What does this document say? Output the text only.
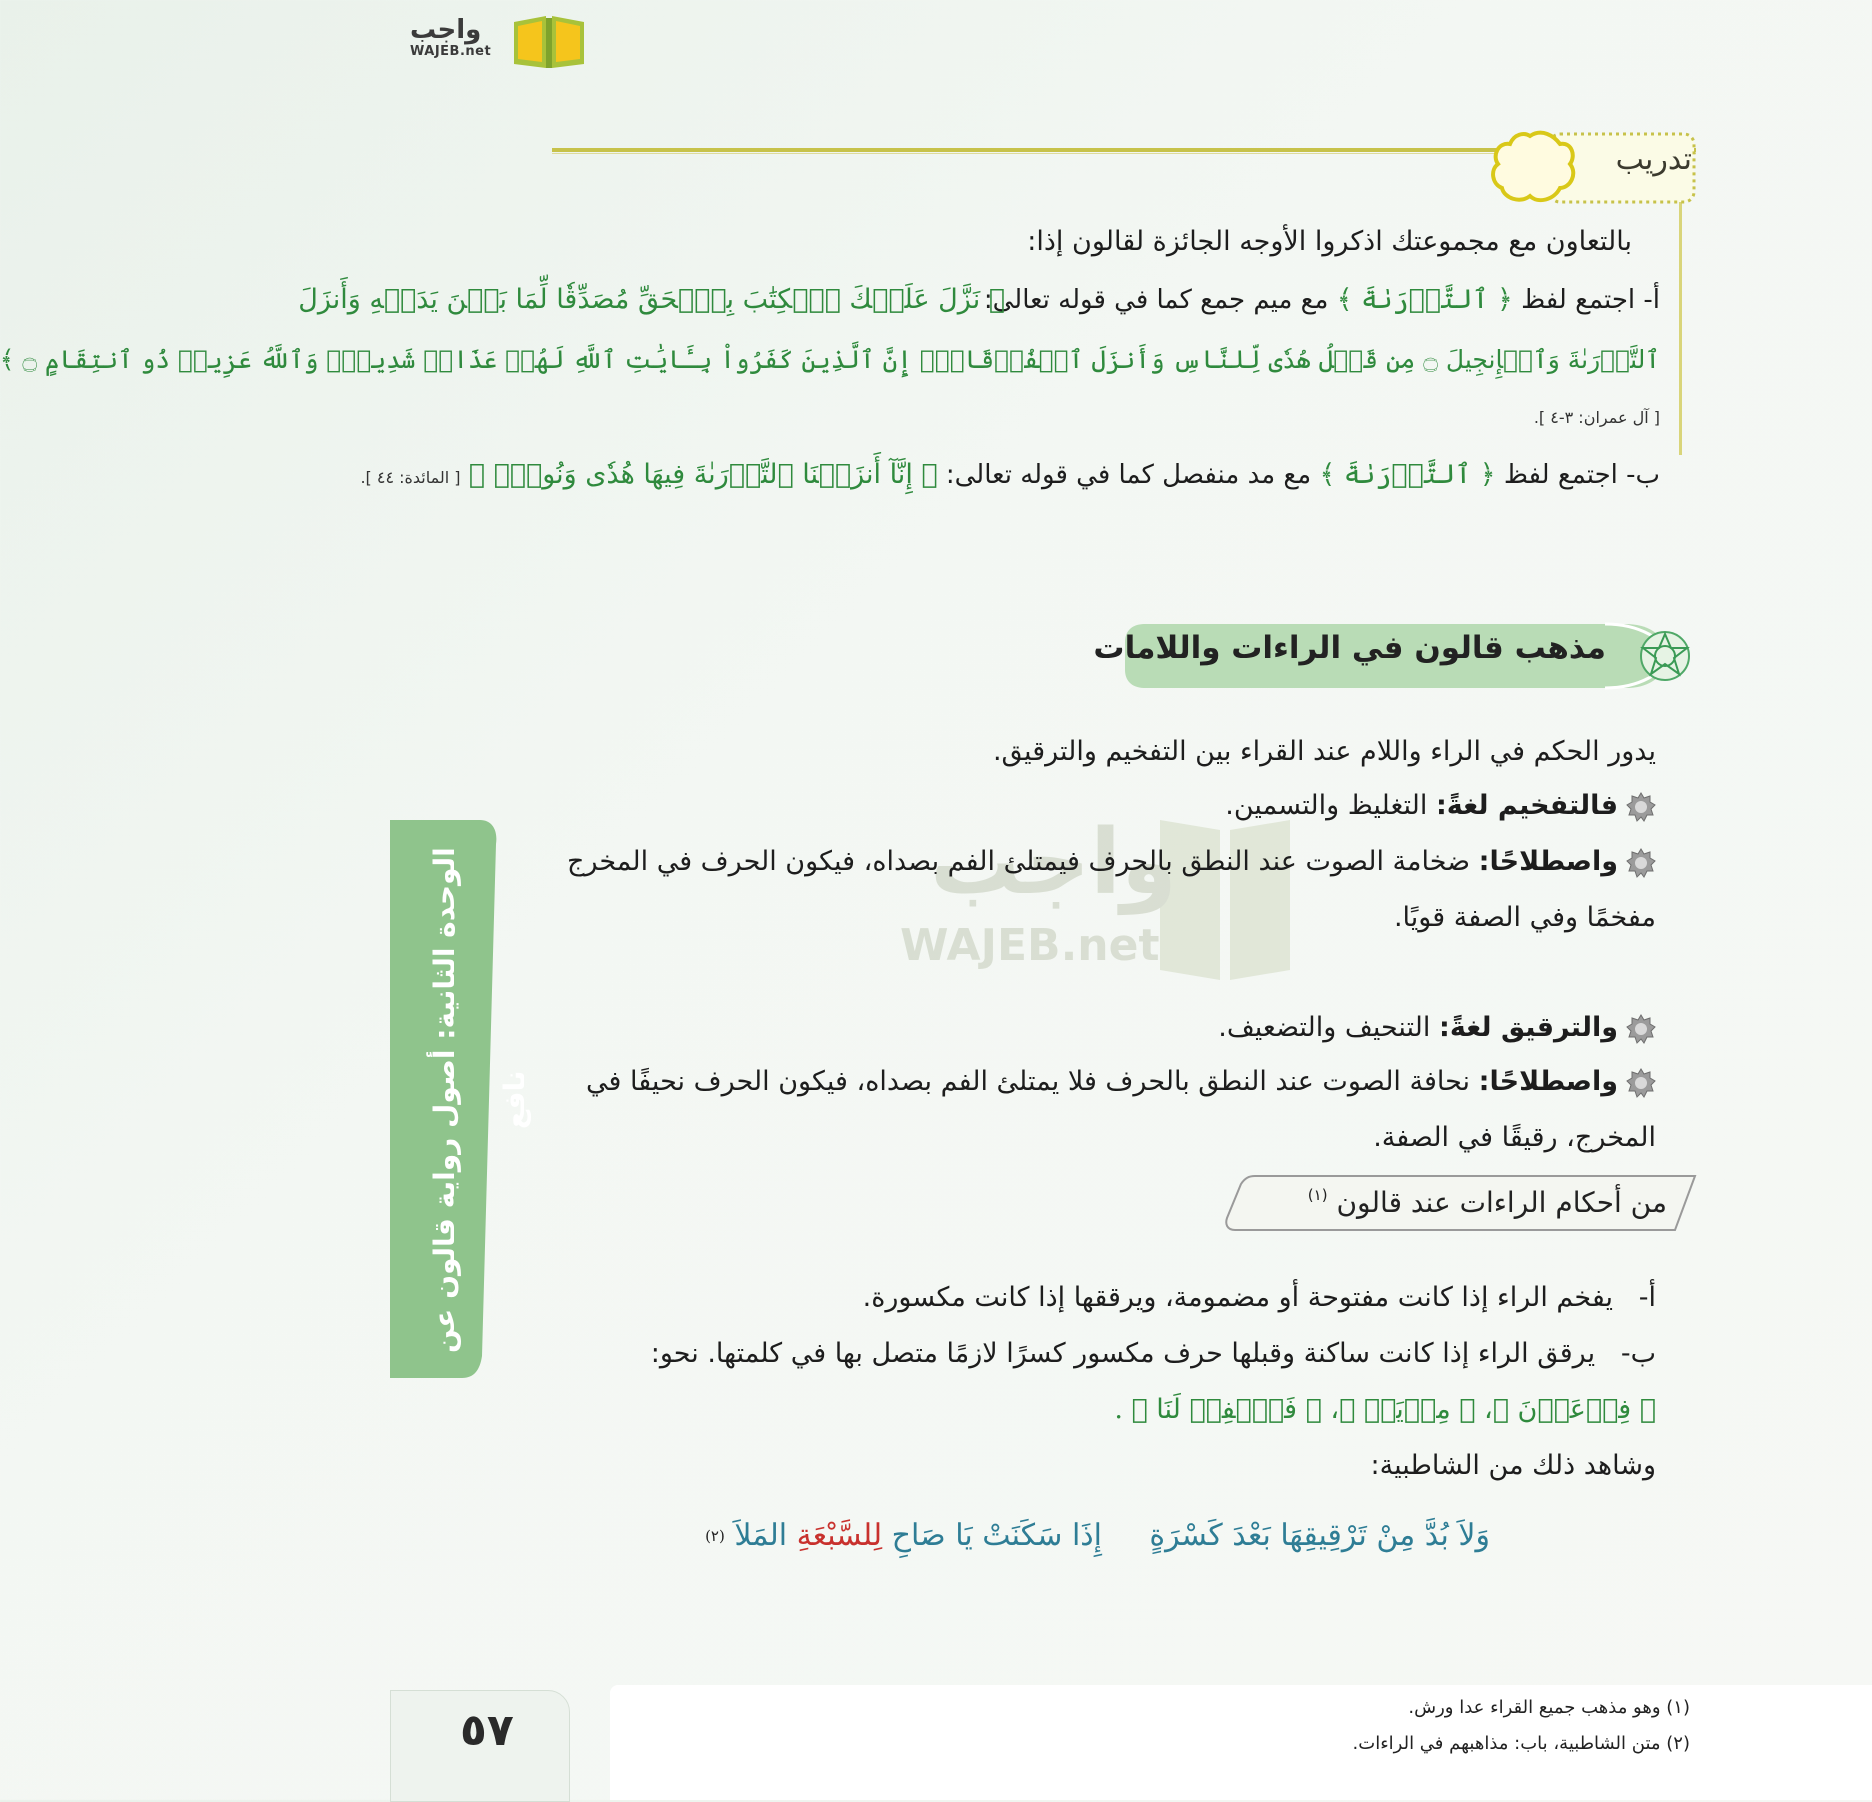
واجب
WAJEB.net
واجب
WAJEB.net
تدريب
بالتعاون مع مجموعتك اذكروا الأوجه الجائزة لقالون إذا:
أ- اجتمع لفظ ﴿ ٱلتَّوۡرَىٰةَ ﴾ مع ميم جمع كما في قوله تعالى:
﴿ نَزَّلَ عَلَيۡكَ ٱلۡكِتَٰبَ بِٱلۡحَقِّ مُصَدِّقٗا لِّمَا بَيۡنَ يَدَيۡهِ وَأَنزَلَ
ٱلتَّوۡرَىٰةَ وَٱلۡإِنجِيلَ ۝ مِن قَبۡلُ هُدٗى لِّلنَّاسِ وَأَنزَلَ ٱلۡفُرۡقَانَۗ إِنَّ ٱلَّذِينَ كَفَرُواْ بِـَٔايَٰتِ ٱللَّهِ لَهُمۡ عَذَابٞ شَدِيدٞۗ وَٱللَّهُ عَزِيزٞ ذُو ٱنتِقَامٍ ۝ ﴾
[ آل عمران: ٣-٤ ].
ب- اجتمع لفظ ﴿ ٱلتَّوۡرَىٰةَ ﴾ مع مد منفصل كما في قوله تعالى: ﴿ إِنَّآ أَنزَلۡنَا ٱلتَّوۡرَىٰةَ فِيهَا هُدٗى وَنُورٞۚ ﴾ [ المائدة: ٤٤ ].
مذهب قالون في الراءات واللامات
يدور الحكم في الراء واللام عند القراء بين التفخيم والترقيق.
فالتفخيم لغةً: التغليظ والتسمين.
واصطلاحًا: ضخامة الصوت عند النطق بالحرف فيمتلئ الفم بصداه، فيكون الحرف في المخرج
مفخمًا وفي الصفة قويًا.
والترقيق لغةً: التنحيف والتضعيف.
واصطلاحًا: نحافة الصوت عند النطق بالحرف فلا يمتلئ الفم بصداه، فيكون الحرف نحيفًا في
المخرج، رقيقًا في الصفة.
من أحكام الراءات عند قالون $^{(١)}$
أ-   يفخم الراء إذا كانت مفتوحة أو مضمومة، ويرققها إذا كانت مكسورة.
ب-   يرقق الراء إذا كانت ساكنة وقبلها حرف مكسور كسرًا لازمًا متصل بها في كلمتها. نحو:
﴿ فِرۡعَوۡنَ ﴾، ﴿ مِرۡيَةٖ ﴾، ﴿ فَٱغۡفِرۡ لَنَا ﴾ .
وشاهد ذلك من الشاطبية:
وَلاَ بُدَّ مِنْ تَرْقِيقِهَا بَعْدَ كَسْرَةٍ
إِذَا سَكَنَتْ يَا صَاحِ لِلسَّبْعَةِ المَلاَ $^{(٢)}$
الوحدة الثانية: أصول رواية قالون عن نافع
(١) وهو مذهب جميع القراء عدا ورش.
(٢) متن الشاطبية، باب: مذاهبهم في الراءات.
٥٧
